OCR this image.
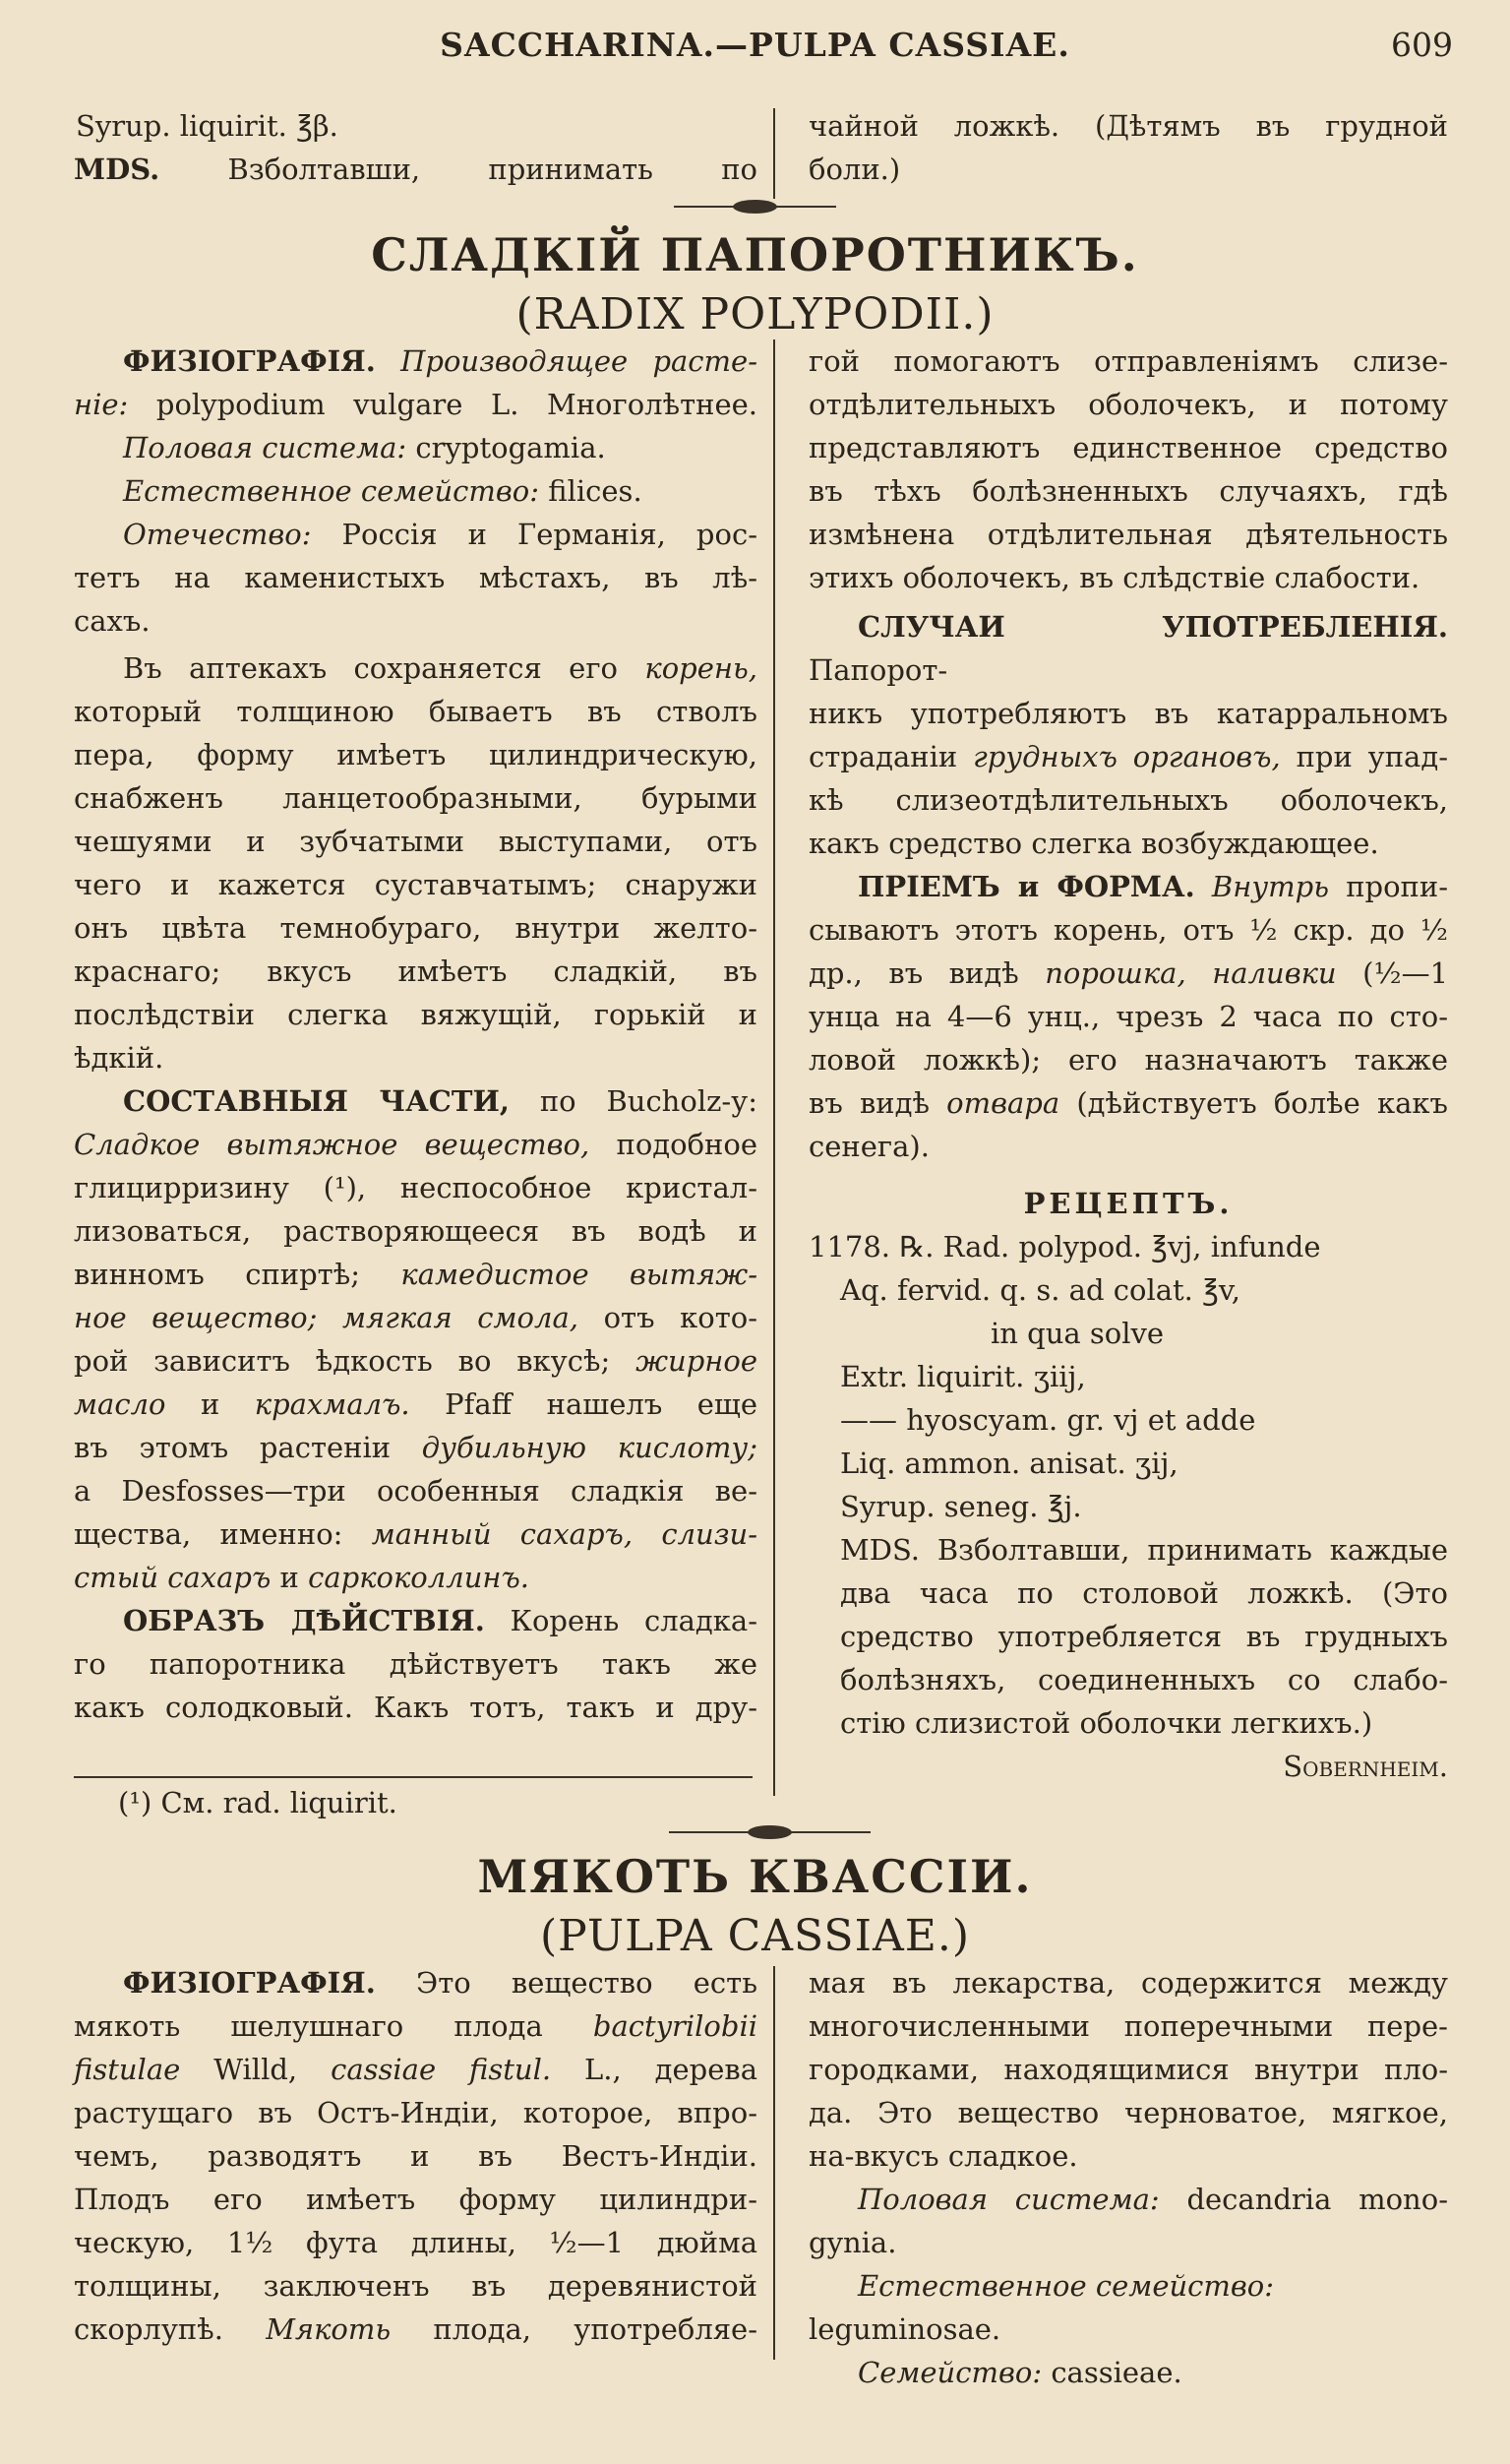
SACCHARINA.—PULPA CASSIAE.	609

Syrup. liquirit. ℥β.

MDS. Взболтавши, принимать по

чайной ложкѣ. (Дѣтямъ въ грудной

боли.)

СЛАДКІЙ ПАПОРОТНИКЪ.
(RADIX POLYPODII.)

ФИЗІОГРАФІЯ. Производящее расте-

ніе: polypodium vulgare L. Многолѣтнее.

Половая система: cryptogamia.

Естественное семейство: filices.

Отечество: Россія и Германія, рос-

тетъ на каменистыхъ мѣстахъ, въ лѣ-

сахъ.

Въ аптекахъ сохраняется его корень,

который толщиною бываетъ въ стволъ

пера, форму имѣетъ цилиндрическую,

снабженъ ланцетообразными, бурыми

чешуями и зубчатыми выступами, отъ

чего и кажется суставчатымъ; снаружи

онъ цвѣта темнобураго, внутри желто-

краснаго; вкусъ имѣетъ сладкій, въ

послѣдствіи слегка вяжущій, горькій и

ѣдкій.

СОСТАВНЫЯ ЧАСТИ, по Bucholz-у:

Сладкое вытяжное вещество, подобное

глицирризину (¹), неспособное кристал-

лизоваться, растворяющееся въ водѣ и

винномъ спиртѣ; камедистое вытяж-

ное вещество; мягкая смола, отъ кото-

рой зависитъ ѣдкость во вкусѣ; жирное

масло и крахмалъ. Pfaff нашелъ еще

въ этомъ растеніи дубильную кислоту;

a Desfosses—три особенныя сладкія ве-

щества, именно: манный сахаръ, слизи-

стый сахаръ и саркоколлинъ.

ОБРАЗЪ ДѢЙСТВІЯ. Корень сладка-

го папоротника дѣйствуетъ такъ же

какъ солодковый. Какъ тотъ, такъ и дру-

(¹) См. rad. liquirit.

гой помогаютъ отправленіямъ слизе-

отдѣлительныхъ оболочекъ, и потому

представляютъ единственное средство

въ тѣхъ болѣзненныхъ случаяхъ, гдѣ

измѣнена отдѣлительная дѣятельность

этихъ оболочекъ, въ слѣдствіе слабости.

СЛУЧАИ УПОТРЕБЛЕНІЯ. Папорот-

никъ употребляютъ въ катарральномъ

страданіи грудныхъ органовъ, при упад-

кѣ слизеотдѣлительныхъ оболочекъ,

какъ средство слегка возбуждающее.

ПРІЕМЪ и ФОРМА. Внутрь пропи-

сываютъ этотъ корень, отъ ½ скр. до ½

др., въ видѣ порошка, наливки (½—1

унца на 4—6 унц., чрезъ 2 часа по сто-

ловой ложкѣ); его назначаютъ также

въ видѣ отвара (дѣйствуетъ болѣе какъ

сенега).

РЕЦЕПТЪ.

1178. ℞. Rad. polypod. ℥vj, infunde

Aq. fervid. q. s. ad colat. ℥v,

in qua solve

Extr. liquirit. ʒiij,

—— hyoscyam. gr. vj et adde

Liq. ammon. anisat. ʒij,

Syrup. seneg. ℥j.

MDS. Взболтавши, принимать каждые

два часа по столовой ложкѣ. (Это

средство употребляется въ грудныхъ

болѣзняхъ, соединенныхъ со слабо-

стію слизистой оболочки легкихъ.)

Sobernheim.

МЯКОТЬ КВАССІИ.
(PULPA CASSIAE.)

ФИЗІОГРАФІЯ. Это вещество есть

мякоть шелушнаго плода bactyrilobii

fistulae Willd, cassiae fistul. L., дерева

растущаго въ Остъ-Индіи, которое, впро-

чемъ, разводятъ и въ Вестъ-Индіи.

Плодъ его имѣетъ форму цилиндри-

ческую, 1½ фута длины, ½—1 дюйма

толщины, заключенъ въ деревянистой

скорлупѣ. Мякоть плода, употребляе-

мая въ лекарства, содержится между

многочисленными поперечными пере-

городками, находящимися внутри пло-

да. Это вещество черноватое, мягкое,

на-вкусъ сладкое.

Половая система: decandria mono-

gynia.

Естественное семейство: leguminosae.

Семейство: cassieae.
